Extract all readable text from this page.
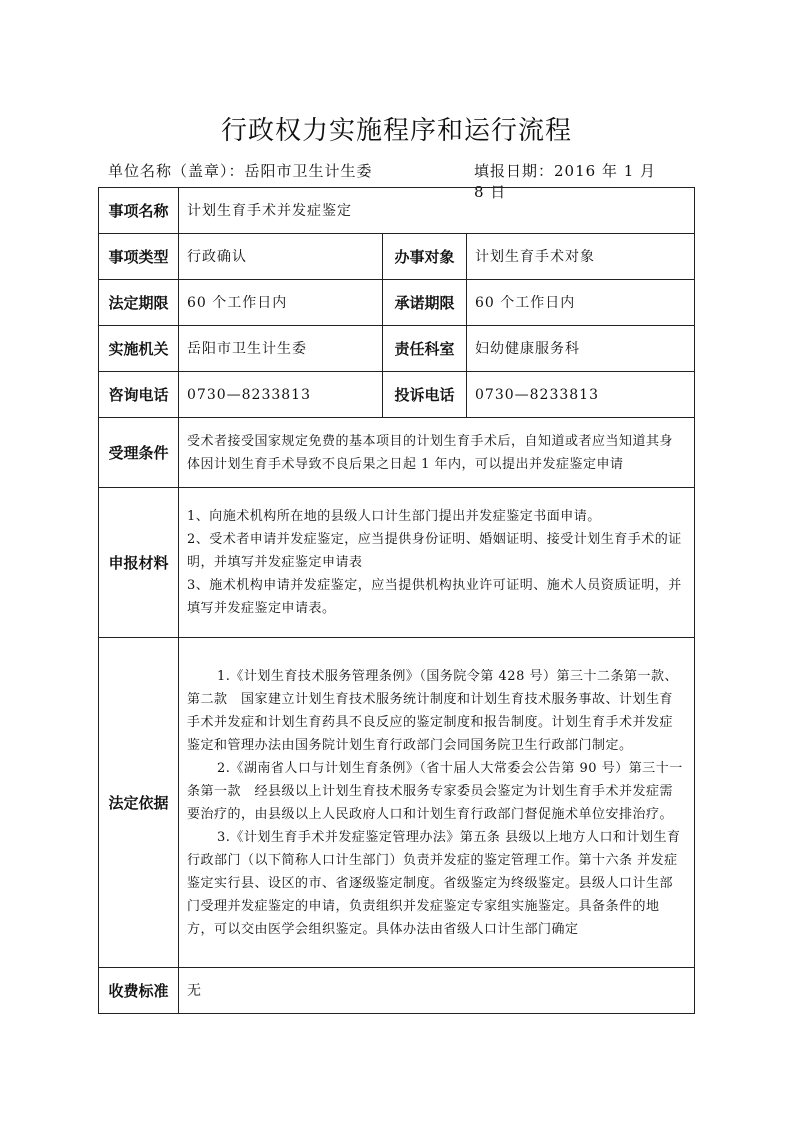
行政权力实施程序和运行流程
单位名称（盖章）：岳阳市卫生计生委	填报日期：2016 年 1 月 8 日
事项名称	计划生育手术并发症鉴定		
事项类型	行政确认	办事对象	计划生育手术对象
法定期限	60 个工作日内	承诺期限	60 个工作日内
实施机关	岳阳市卫生计生委	责任科室	妇幼健康服务科
咨询电话	0730—8233813	投诉电话	0730—8233813
受理条件	受术者接受国家规定免费的基本项目的计划生育手术后，自知道或者应当知道其身体因计划生育手术导致不良后果之日起 1 年内，可以提出并发症鉴定申请		

申报材料	1、向施术机构所在地的县级人口计生部门提出并发症鉴定书面申请。

2、受术者申请并发症鉴定，应当提供身份证明、婚姻证明、接受计划生育手术的证明，并填写并发症鉴定申请表

3、施术机构申请并发症鉴定，应当提供机构执业许可证明、施术人员资质证明，并填写并发症鉴定申请表。		

法定依据	1.《计划生育技术服务管理条例》（国务院令第 428 号）第三十二条第一款、第二款　国家建立计划生育技术服务统计制度和计划生育技术服务事故、计划生育手术并发症和计划生育药具不良反应的鉴定制度和报告制度。计划生育手术并发症鉴定和管理办法由国务院计划生育行政部门会同国务院卫生行政部门制定。

2.《湖南省人口与计划生育条例》（省十届人大常委会公告第 90 号）第三十一条第一款　经县级以上计划生育技术服务专家委员会鉴定为计划生育手术并发症需要治疗的，由县级以上人民政府人口和计划生育行政部门督促施术单位安排治疗。

3.《计划生育手术并发症鉴定管理办法》第五条 县级以上地方人口和计划生育行政部门（以下简称人口计生部门）负责并发症的鉴定管理工作。第十六条 并发症鉴定实行县、设区的市、省逐级鉴定制度。省级鉴定为终级鉴定。县级人口计生部门受理并发症鉴定的申请，负责组织并发症鉴定专家组实施鉴定。具备条件的地方，可以交由医学会组织鉴定。具体办法由省级人口计生部门确定		

收费标准	无		
